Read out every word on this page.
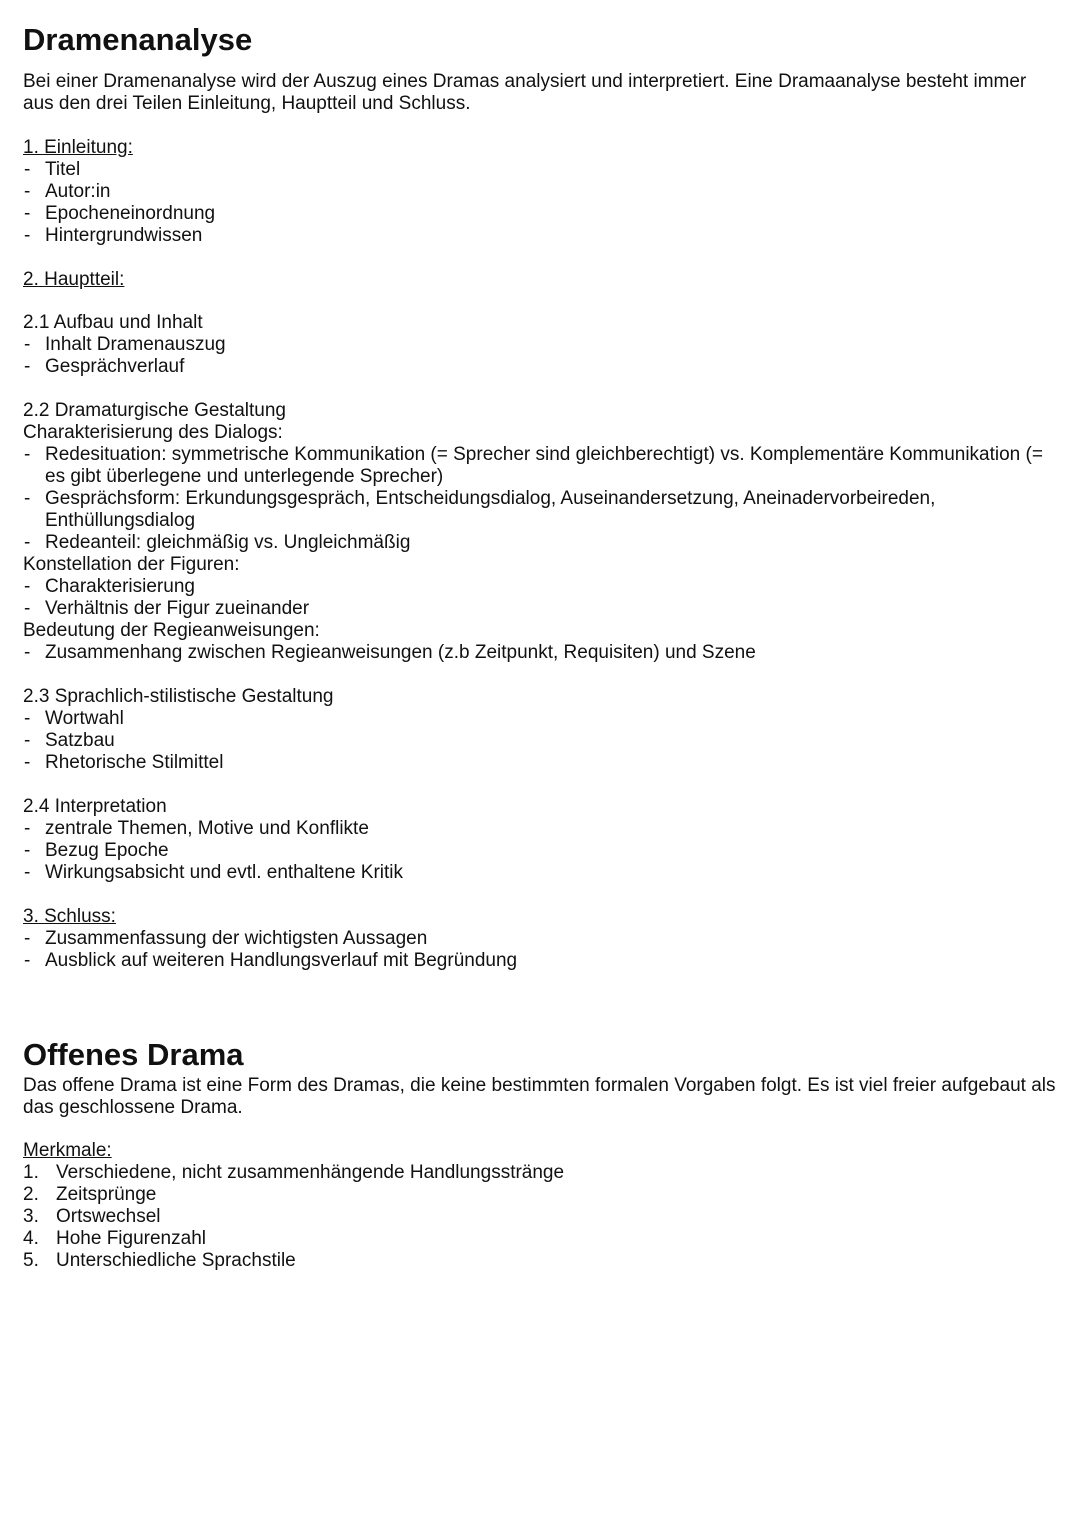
Dramenanalyse

Bei einer Dramenanalyse wird der Auszug eines Dramas analysiert und interpretiert. Eine Dramaanalyse besteht immer aus den drei Teilen Einleitung, Hauptteil und Schluss.

1. Einleitung:

- Titel
- Autor:in
- Epocheneinordnung
- Hintergrundwissen

2. Hauptteil:

2.1 Aufbau und Inhalt

- Inhalt Dramenauszug
- Gesprächverlauf

2.2 Dramaturgische Gestaltung

Charakterisierung des Dialogs:

- Redesituation: symmetrische Kommunikation (= Sprecher sind gleichberechtigt) vs. Komplementäre Kommunikation (= es gibt überlegene und unterlegende Sprecher)
- Gesprächsform: Erkundungsgespräch, Entscheidungsdialog, Auseinandersetzung, Aneinadervorbeireden, Enthüllungsdialog
- Redeanteil: gleichmäßig vs. Ungleichmäßig

Konstellation der Figuren:

- Charakterisierung
- Verhältnis der Figur zueinander

Bedeutung der Regieanweisungen:

- Zusammenhang zwischen Regieanweisungen (z.b Zeitpunkt, Requisiten) und Szene

2.3 Sprachlich-stilistische Gestaltung

- Wortwahl
- Satzbau
- Rhetorische Stilmittel

2.4 Interpretation

- zentrale Themen, Motive und Konflikte
- Bezug Epoche
- Wirkungsabsicht und evtl. enthaltene Kritik

3. Schluss:

- Zusammenfassung der wichtigsten Aussagen
- Ausblick auf weiteren Handlungsverlauf mit Begründung
Offenes Drama

Das offene Drama ist eine Form des Dramas, die keine bestimmten formalen Vorgaben folgt. Es ist viel freier aufgebaut als das geschlossene Drama.

Merkmale:

1. Verschiedene, nicht zusammenhängende Handlungsstränge
2. Zeitsprünge
3. Ortswechsel
4. Hohe Figurenzahl
5. Unterschiedliche Sprachstile
